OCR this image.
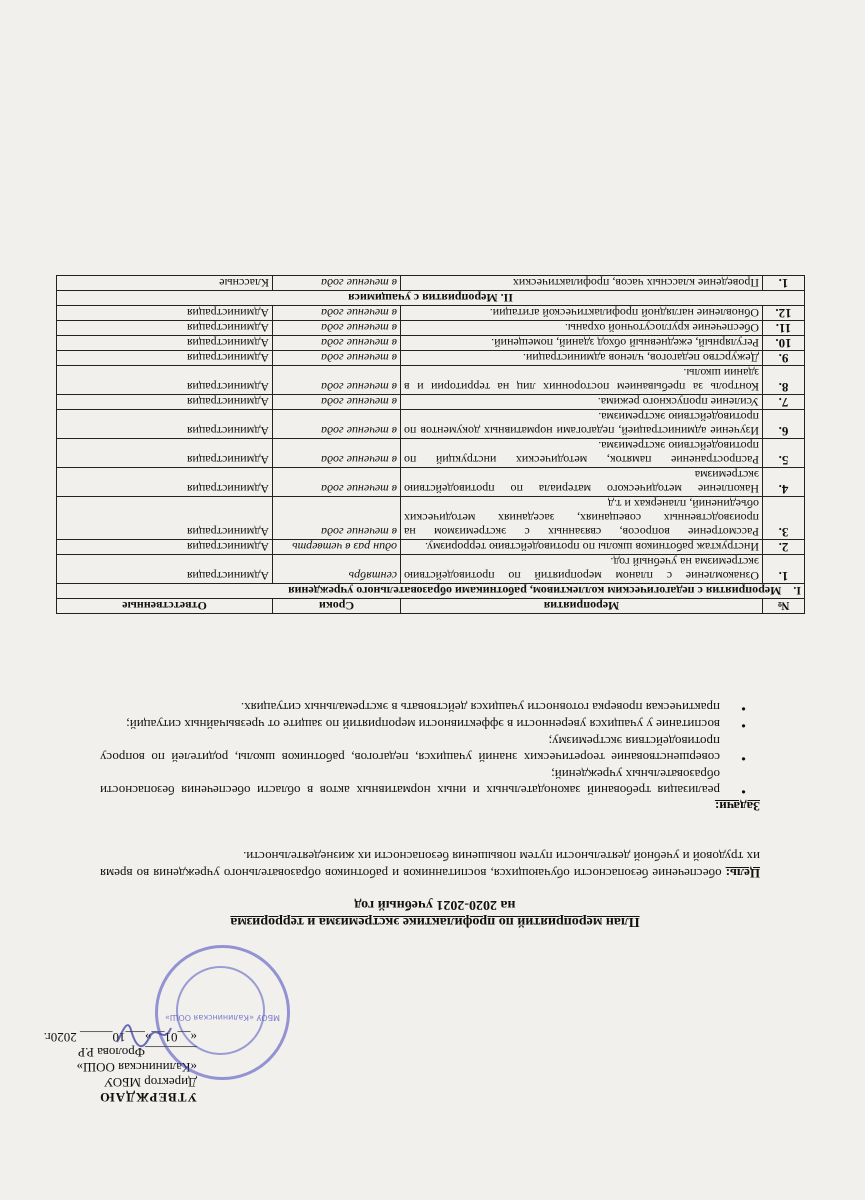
УТВЕРЖДАЮ
Директор МБОУ
«Калининская ООШ»
________Фролова Р.Р
«__01__»___10_____ 2020г.
МБОУ «Калининская ООШ»
План мероприятий по профилактике экстремизма и терроризма
на 2020-2021 учебный год
Цель: обеспечение безопасности обучающихся, воспитанников и работников образовательного учреждения во время их трудовой и учебной деятельности путем повышения безопасности их жизнедеятельности.
Задачи:
• реализация требований законодательных и иных нормативных актов в области обеспечения безопасности образовательных учреждений;
• совершенствование теоретических знаний учащихся, педагогов, работников школы, родителей по вопросу противодействия экстремизму;
• воспитание у учащихся уверенности в эффективности мероприятий по защите от чрезвычайных ситуаций;
• практическая проверка готовности учащихся действовать в экстремальных ситуациях.
№	Мероприятия	Сроки	Ответственные
I.    Мероприятия с педагогическим коллективом, работниками образовательного учреждения			
1.	Ознакомление с планом мероприятий по противодействию экстремизма на учебный год.	сентябрь	Администрация
2.	Инструктаж работников школы по противодействию терроризму.	один раз в четверть	Администрация
3.	Рассмотрение вопросов, связанных с экстремизмом на производственных совещаниях, заседаниях методических объединений, планерках и т.д	в течение года	Администрация
4.	Накопление методического материала по противодействию экстремизма	в течение года	Администрация
5.	Распространение памяток, методических инструкций по противодействию экстремизма.	в течение года	Администрация
6.	Изучение администрацией, педагогами нормативных документов по противодействию экстремизма.	в течение года	Администрация
7.	Усиление пропускного режима.	в течение года	Администрация
8.	Контроль за пребыванием посторонних лиц на территории и в здании школы.	в течение года	Администрация
9.	Дежурство педагогов, членов администрации.	в течение года	Администрация
10.	Регулярный, ежедневный обход зданий, помещений.	в течение года	Администрация
11.	Обеспечение круглосуточной охраны.	в течение года	Администрация
12.	Обновление наглядной профилактической агитации.	в течение года	Администрация
II. Мероприятия с учащимися			
1.	Проведение классных часов, профилактических	в течение года	Классные
